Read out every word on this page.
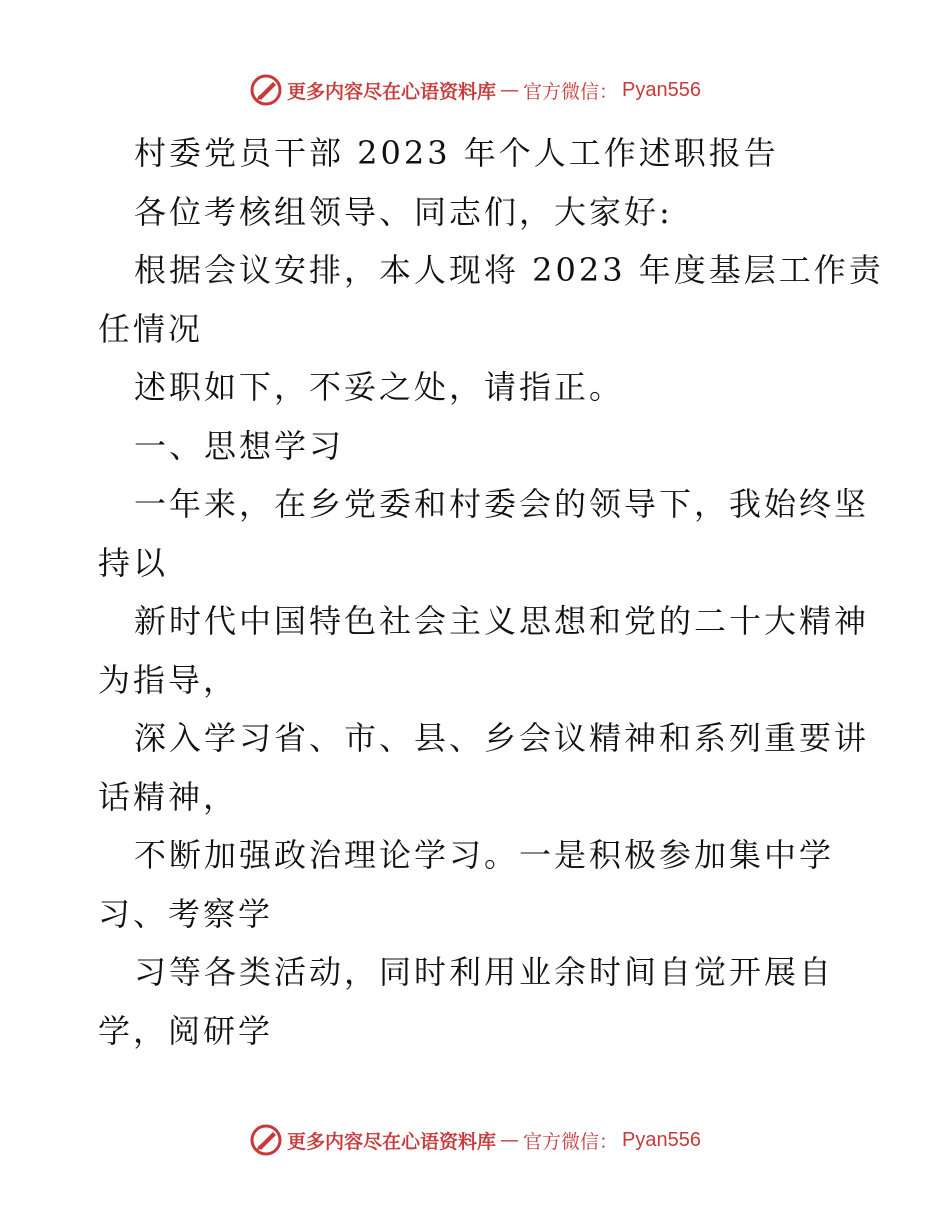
更多内容尽在心语资料库 — 官方微信： Pyan556
村委党员干部 2023 年个人工作述职报告
各位考核组领导、同志们，大家好:
根据会议安排，本人现将 2023 年度基层工作责
任情况
述职如下，不妥之处，请指正。
一、思想学习
一年来，在乡党委和村委会的领导下，我始终坚
持以
新时代中国特色社会主义思想和党的二十大精神
为指导，
深入学习省、市、县、乡会议精神和系列重要讲
话精神，
不断加强政治理论学习。一是积极参加集中学
习、考察学
习等各类活动，同时利用业余时间自觉开展自
学，阅研学
更多内容尽在心语资料库 — 官方微信： Pyan556
